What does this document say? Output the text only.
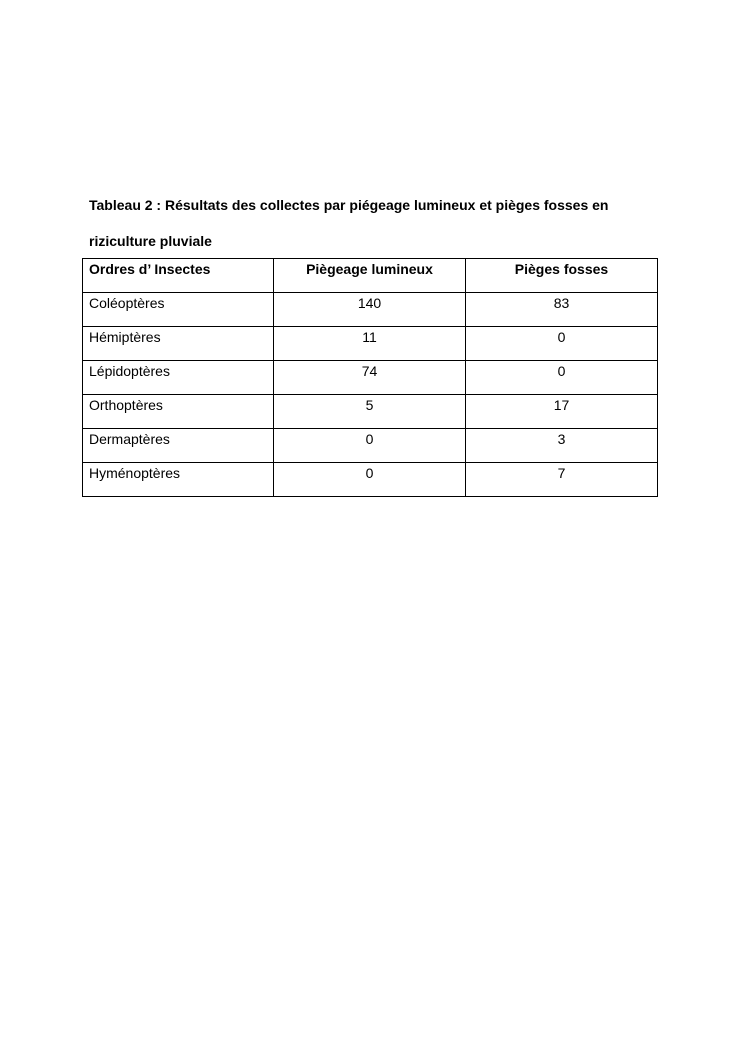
Tableau 2 : Résultats des collectes par piégeage lumineux et pièges fosses en
riziculture pluviale
Ordres d’ Insectes	Piègeage lumineux	Pièges fosses
Coléoptères	140	83
Hémiptères	11	0
Lépidoptères	74	0
Orthoptères	5	17
Dermaptères	0	3
Hyménoptères	0	7
